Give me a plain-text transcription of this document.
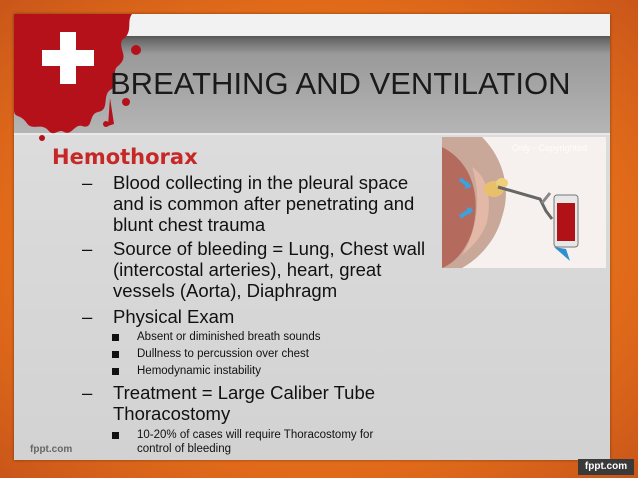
BREATHING AND VENTILATION
Hemothorax
–	Blood collecting in the pleural space
and is common after penetrating and
blunt chest trauma
–	Source of bleeding = Lung, Chest wall
(intercostal arteries), heart, great
vessels (Aorta), Diaphragm
–	Physical Exam
Absent or diminished breath sounds
Dullness to percussion over chest
Hemodynamic instability
–	Treatment = Large Caliber Tube
Thoracostomy
10-20% of cases will require Thoracostomy for
control of bleeding
Only - Copyrighted
fppt.com
fppt.com
